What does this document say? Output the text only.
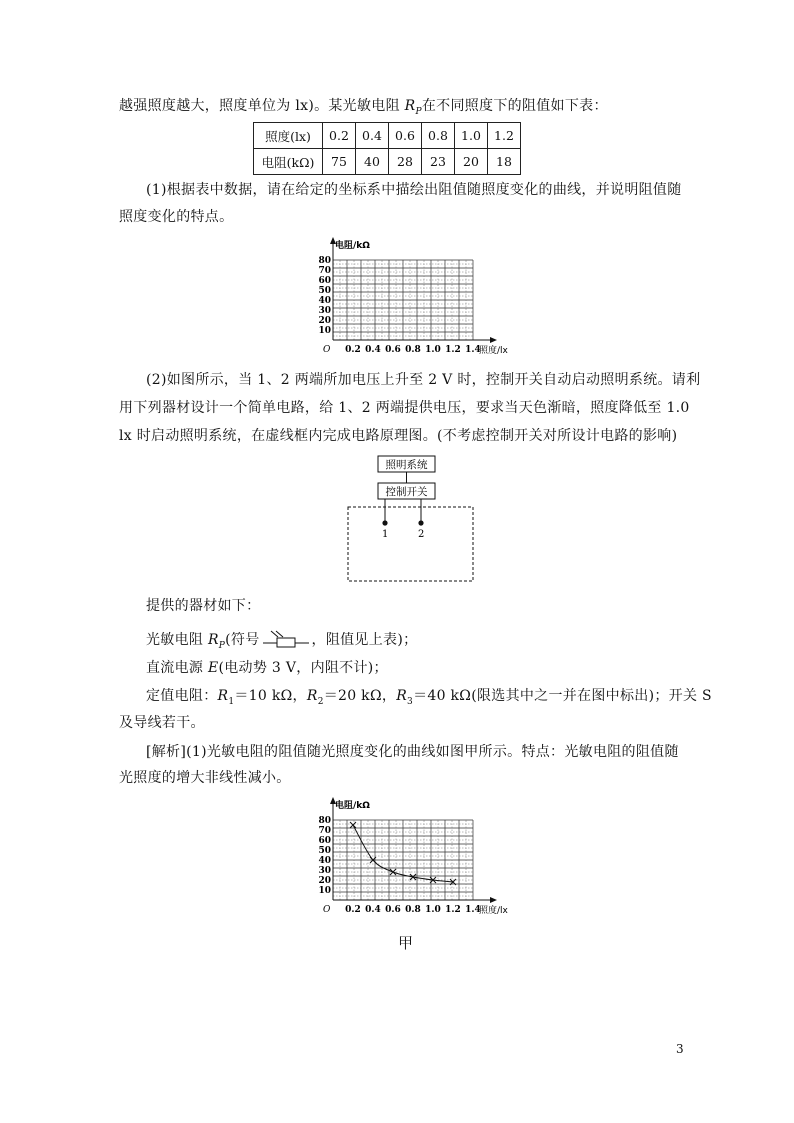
越强照度越大，照度单位为 lx)。某光敏电阻 $R_P$在不同照度下的阻值如下表：
照度(lx)	0.2	0.4	0.6	0.8	1.0	1.2
电阻(kΩ)	75	40	28	23	20	18
(1)根据表中数据，请在给定的坐标系中描绘出阻值随照度变化的曲线，并说明阻值随
照度变化的特点。
电阻/kΩ
照度/lx
O 0.2 0.4 0.6 0.8 1.0 1.2 1.4
10
20
30
40
50
60
70
80
(2)如图所示，当 1、2 两端所加电压上升至 2 V 时，控制开关自动启动照明系统。请利
用下列器材设计一个简单电路，给 1、2 两端提供电压，要求当天色渐暗，照度降低至 1.0
lx 时启动照明系统，在虚线框内完成电路原理图。(不考虑控制开关对所设计电路的影响)
照明系统
控制开关
1	2
提供的器材如下：
光敏电阻 $R_P$(符号	，阻值见上表)；
直流电源 E(电动势 3 V，内阻不计)；
定值电阻：$R_1=10$ kΩ，$R_2=20$ kΩ，$R_3=40$ kΩ(限选其中之一并在图中标出)；开关 S
及导线若干。
[解析](1)光敏电阻的阻值随光照度变化的曲线如图甲所示。特点：光敏电阻的阻值随
光照度的增大非线性减小。
电阻/kΩ
照度/lx
O 0.2 0.4 0.6 0.8 1.0 1.2 1.4
10
20
30
40
50
60
70
80
甲
3
